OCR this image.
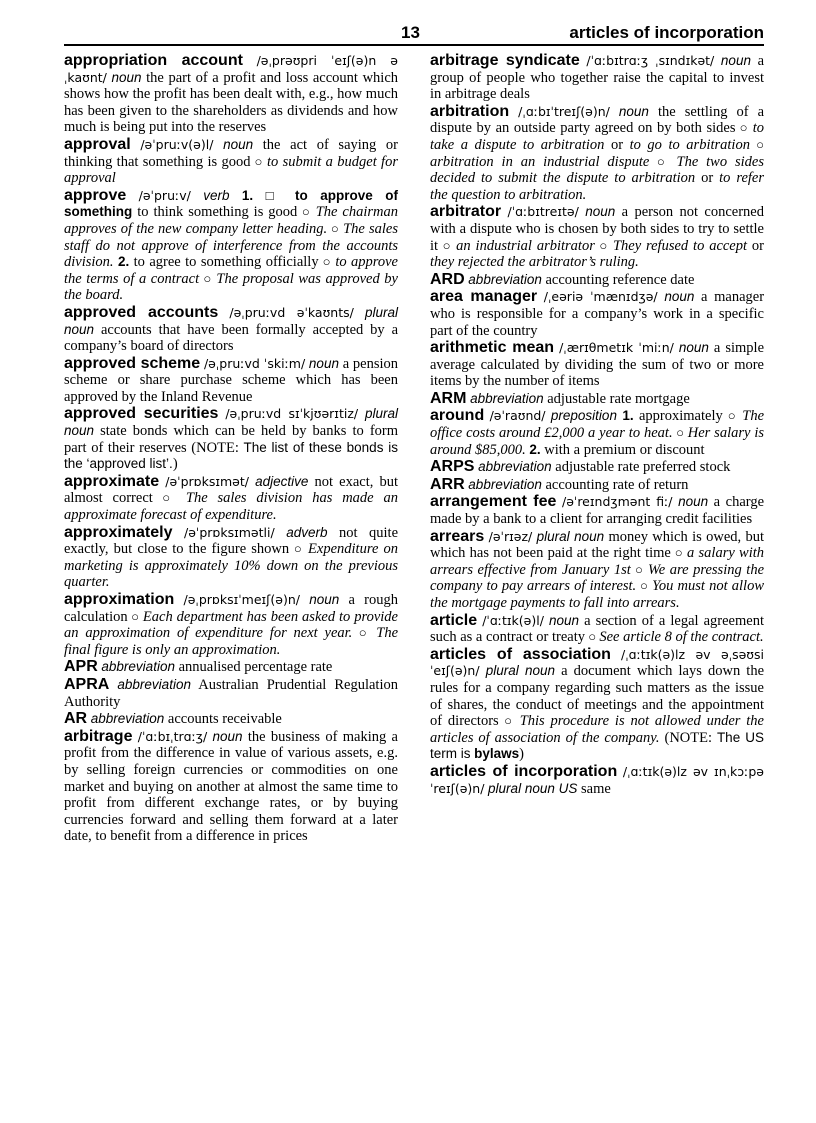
13	articles of incorporation
appropriation account /əˌprəʊpri ˈeɪʃ(ə)n əˌkaʊnt/ noun the part of a profit and loss account which shows how the profit has been dealt with, e.g., how much has been given to the shareholders as dividends and how much is being put into the reserves
approval /əˈpruːv(ə)l/ noun the act of saying or thinking that something is good ○ to submit a budget for approval
approve /əˈpruːv/ verb 1. □ to approve of something to think something is good ○ The chairman approves of the new company letter heading. ○ The sales staff do not approve of interference from the accounts division. 2. to agree to something officially ○ to approve the terms of a contract ○ The proposal was approved by the board.
approved accounts /əˌpruːvd əˈkaʊnts/ plural noun accounts that have been formally accepted by a company’s board of directors
approved scheme /əˌpruːvd ˈskiːm/ noun a pension scheme or share purchase scheme which has been approved by the Inland Revenue
approved securities /əˌpruːvd sɪˈkjʊərɪtiz/ plural noun state bonds which can be held by banks to form part of their reserves (NOTE: The list of these bonds is the ‘approved list’.)
approximate /əˈprɒksɪmət/ adjective not exact, but almost correct ○ The sales division has made an approximate forecast of expenditure.
approximately /əˈprɒksɪmətli/ adverb not quite exactly, but close to the figure shown ○ Expenditure on marketing is approximately 10% down on the previous quarter.
approximation /əˌprɒksɪˈmeɪʃ(ə)n/ noun a rough calculation ○ Each department has been asked to provide an approximation of expenditure for next year. ○ The final figure is only an approximation.
APR abbreviation annualised percentage rate
APRA abbreviation Australian Prudential Regulation Authority
AR abbreviation accounts receivable
arbitrage /ˈɑːbɪˌtrɑːʒ/ noun the business of making a profit from the difference in value of various assets, e.g. by selling foreign currencies or commodities on one market and buying on another at almost the same time to profit from different exchange rates, or by buying currencies forward and selling them forward at a later date, to benefit from a difference in prices
arbitrage syndicate /ˈɑːbɪtrɑːʒ ˌsɪndɪkət/ noun a group of people who together raise the capital to invest in arbitrage deals
arbitration /ˌɑːbɪˈtreɪʃ(ə)n/ noun the settling of a dispute by an outside party agreed on by both sides ○ to take a dispute to arbitration or to go to arbitration ○ arbitration in an industrial dispute ○ The two sides decided to submit the dispute to arbitration or to refer the question to arbitration.
arbitrator /ˈɑːbɪtreɪtə/ noun a person not concerned with a dispute who is chosen by both sides to try to settle it ○ an industrial arbitrator ○ They refused to accept or they rejected the arbitrator’s ruling.
ARD abbreviation accounting reference date
area manager /ˌeəriə ˈmænɪdʒə/ noun a manager who is responsible for a company’s work in a specific part of the country
arithmetic mean /ˌærɪθmetɪk ˈmiːn/ noun a simple average calculated by dividing the sum of two or more items by the number of items
ARM abbreviation adjustable rate mortgage
around /əˈraʊnd/ preposition 1. approximately ○ The office costs around £2,000 a year to heat. ○ Her salary is around $85,000. 2. with a premium or discount
ARPS abbreviation adjustable rate preferred stock
ARR abbreviation accounting rate of return
arrangement fee /əˈreɪndʒmənt fiː/ noun a charge made by a bank to a client for arranging credit facilities
arrears /əˈrɪəz/ plural noun money which is owed, but which has not been paid at the right time ○ a salary with arrears effective from January 1st ○ We are pressing the company to pay arrears of interest. ○ You must not allow the mortgage payments to fall into arrears.
article /ˈɑːtɪk(ə)l/ noun a section of a legal agreement such as a contract or treaty ○ See article 8 of the contract.
articles of association /ˌɑːtɪk(ə)lz əv əˌsəʊsiˈeɪʃ(ə)n/ plural noun a document which lays down the rules for a company regarding such matters as the issue of shares, the conduct of meetings and the appointment of directors ○ This procedure is not allowed under the articles of association of the company. (NOTE: The US term is bylaws)
articles of incorporation /ˌɑːtɪk(ə)lz əv ɪnˌkɔːpəˈreɪʃ(ə)n/ plural noun US same
